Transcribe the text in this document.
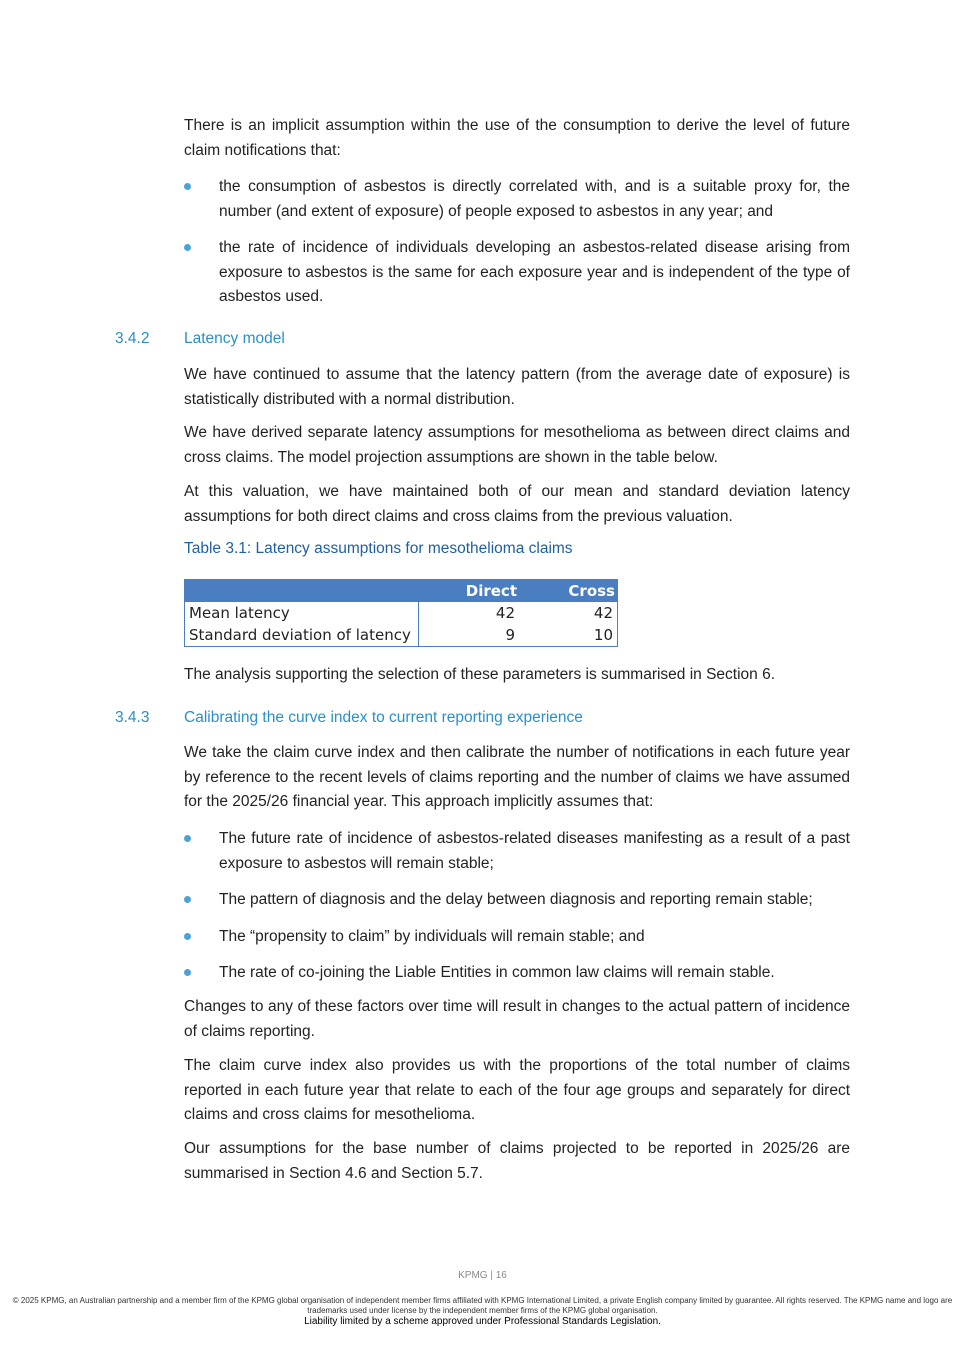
There is an implicit assumption within the use of the consumption to derive the level of future claim notifications that:

the consumption of asbestos is directly correlated with, and is a suitable proxy for, the number (and extent of exposure) of people exposed to asbestos in any year; and
the rate of incidence of individuals developing an asbestos-related disease arising from exposure to asbestos is the same for each exposure year and is independent of the type of asbestos used.
3.4.2 Latency model

We have continued to assume that the latency pattern (from the average date of exposure) is statistically distributed with a normal distribution.

We have derived separate latency assumptions for mesothelioma as between direct claims and cross claims. The model projection assumptions are shown in the table below.

At this valuation, we have maintained both of our mean and standard deviation latency assumptions for both direct claims and cross claims from the previous valuation.

Table 3.1: Latency assumptions for mesothelioma claims
	Direct	Cross
Mean latency	42	42
Standard deviation of latency	9	10

The analysis supporting the selection of these parameters is summarised in Section 6.

3.4.3 Calibrating the curve index to current reporting experience

We take the claim curve index and then calibrate the number of notifications in each future year by reference to the recent levels of claims reporting and the number of claims we have assumed for the 2025/26 financial year. This approach implicitly assumes that:

The future rate of incidence of asbestos-related diseases manifesting as a result of a past exposure to asbestos will remain stable;
The pattern of diagnosis and the delay between diagnosis and reporting remain stable;
The “propensity to claim” by individuals will remain stable; and
The rate of co-joining the Liable Entities in common law claims will remain stable.

Changes to any of these factors over time will result in changes to the actual pattern of incidence of claims reporting.

The claim curve index also provides us with the proportions of the total number of claims reported in each future year that relate to each of the four age groups and separately for direct claims and cross claims for mesothelioma.

Our assumptions for the base number of claims projected to be reported in 2025/26 are summarised in Section 4.6 and Section 5.7.

KPMG | 16
© 2025 KPMG, an Australian partnership and a member firm of the KPMG global organisation of independent member firms affiliated with KPMG International Limited, a private English company limited by guarantee. All rights reserved. The KPMG name and logo are trademarks used under license by the independent member firms of the KPMG global organisation.
Liability limited by a scheme approved under Professional Standards Legislation.
